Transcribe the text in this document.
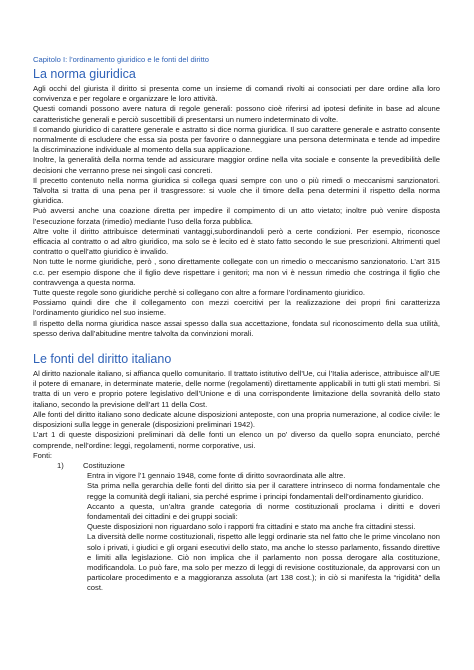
Capitolo I: l’ordinamento giuridico e le fonti del diritto
La norma giuridica

Agli occhi del giurista il diritto si presenta come un insieme di comandi rivolti ai consociati per dare ordine alla loro convivenza e per regolare e organizzare le loro attività.

Questi comandi possono avere natura di regole generali: possono cioè riferirsi ad ipotesi definite in base ad alcune caratteristiche generali e perciò suscettibili di presentarsi un numero indeterminato di volte.

Il comando giuridico di carattere generale e astratto si dice norma giuridica. Il suo carattere generale e astratto consente normalmente di escludere che essa sia posta per favorire o danneggiare una persona determinata e tende ad impedire la discriminazione individuale al momento della sua applicazione.

Inoltre, la generalità della norma tende ad assicurare maggior ordine nella vita sociale e consente la prevedibilità delle decisioni che verranno prese nei singoli casi concreti.

Il precetto contenuto nella norma giuridica si collega quasi sempre con uno o più rimedi o meccanismi sanzionatori. Talvolta si tratta di una pena per il trasgressore: si vuole che il timore della pena determini il rispetto della norma giuridica.

Può avversi anche una coazione diretta per impedire il compimento di un atto vietato; inoltre può venire disposta l’esecuzione forzata (rimedio) mediante l’uso della forza pubblica.

Altre volte il diritto attribuisce determinati vantaggi,subordinandoli però a certe condizioni. Per esempio, riconosce efficacia al contratto o ad altro giuridico, ma solo se è lecito ed è stato fatto secondo le sue prescrizioni. Altrimenti quel contratto o quell’atto giuridico è invalido.

Non tutte le norme giuridiche, però , sono direttamente collegate con un rimedio o meccanismo sanzionatorio. L’art 315 c.c. per esempio dispone che il figlio deve rispettare i genitori; ma non vi è nessun rimedio che costringa il figlio che contravvenga a questa norma.

Tutte queste regole sono giuridiche perchè si collegano con altre a formare l’ordinamento giuridico.

Possiamo quindi dire che il collegamento con mezzi coercitivi per la realizzazione dei propri fini caratterizza l’ordinamento giuridico nel suo insieme.

Il rispetto della norma giuridica nasce assai spesso dalla sua accettazione, fondata sul riconoscimento della sua utilità, spesso deriva dall’abitudine mentre talvolta da convinzioni morali.

Le fonti del diritto italiano

Al diritto nazionale italiano, si affianca quello comunitario. Il trattato istitutivo dell’Ue, cui l’Italia aderisce, attribuisce all’UE il potere di emanare, in determinate materie, delle norme (regolamenti) direttamente applicabili in tutti gli stati membri. Si tratta di un vero e proprio potere legislativo dell’Unione e di una corrispondente limitazione della sovranità dello stato italiano, secondo la previsione dell’art 11 della Cost.

Alle fonti del diritto italiano sono dedicate alcune disposizioni anteposte, con una propria numerazione, al codice civile: le disposizioni sulla legge in generale (disposizioni preliminari 1942).

L’art 1 di queste disposizioni preliminari dà delle fonti un elenco un po’ diverso da quello sopra enunciato, perché comprende, nell’ordine: leggi, regolamenti, norme corporative, usi.

Fonti:
1)	Costituzione

Entra in vigore l’1 gennaio 1948, come fonte di diritto sovraordinata alle altre.

Sta prima nella gerarchia delle fonti del diritto sia per il carattere intrinseco di norma fondamentale che regge la comunità degli italiani, sia perché esprime i principi fondamentali dell’ordinamento giuridico.

Accanto a questa, un’altra grande categoria di norme costituzionali proclama i diritti e doveri fondamentali dei cittadini e dei gruppi sociali:

Queste disposizioni non riguardano solo i rapporti fra cittadini e stato ma anche fra cittadini stessi.

La diversità delle norme costituzionali, rispetto alle leggi ordinarie sta nel fatto che le prime vincolano non solo i privati, i giudici e gli organi esecutivi dello stato, ma anche lo stesso parlamento, fissando direttive e limiti alla legislazione. Ciò non implica che il parlamento non possa derogare alla costituzione, modificandola. Lo può fare, ma solo per mezzo di leggi di revisione costituzionale, da approvarsi con un particolare procedimento e a maggioranza assoluta (art 138 cost.); in ciò si manifesta la “rigidità” della cost.
